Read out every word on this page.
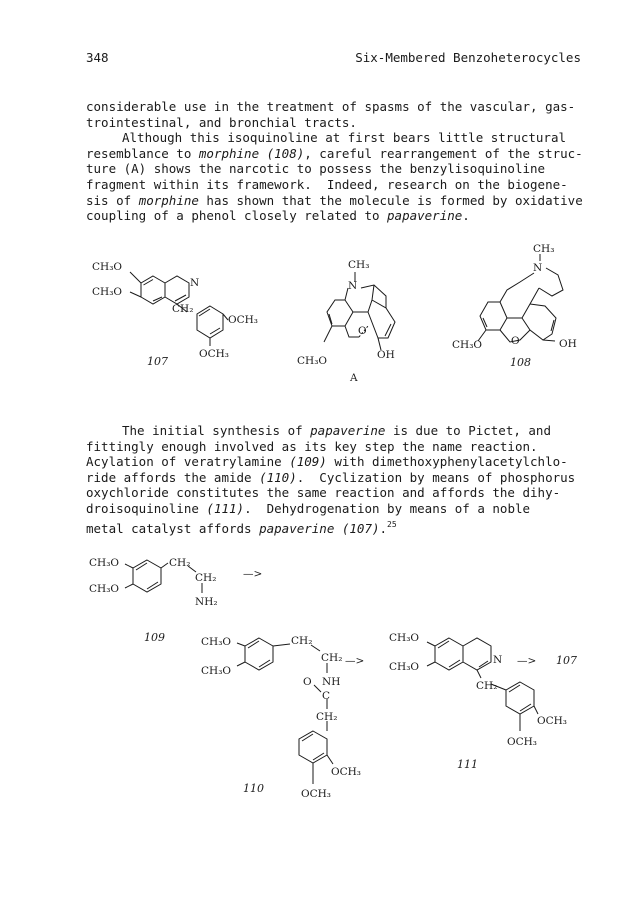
348	Six-Membered Benzoheterocycles

considerable use in the treatment of spasms of the vascular, gas-
trointestinal, and bronchial tracts.
Although this isoquinoline at first bears little structural
resemblance to morphine (108), careful rearrangement of the struc-
ture (A) shows the narcotic to possess the benzylisoquinoline
fragment within its framework.  Indeed, research on the biogene-
sis of morphine has shown that the molecule is formed by oxidative
coupling of a phenol closely related to papaverine.

CH₃O
CH₃O
N
CH₂
OCH₃
OCH₃
107
CH₃
N
CH₃O
O
OH
A
CH₃
N
CH₃O	O	OH
108

The initial synthesis of papaverine is due to Pictet, and
fittingly enough involved as its key step the name reaction.
Acylation of veratrylamine (109) with dimethoxyphenylacetylchlo-
ride affords the amide (110).  Cyclization by means of phosphorus
oxychloride constitutes the same reaction and affords the dihy-
droisoquinoline (111).  Dehydrogenation by means of a noble
metal catalyst affords papaverine (107).$^{25}$

CH₃O
CH₃O
CH₂
CH₂
NH₂
—>
109	CH₃O
CH₃O
CH₂
CH₂
NH
O
C
CH₂
OCH₃
OCH₃
—>
110
CH₃O
CH₃O
N
CH₂
OCH₃
OCH₃
—> 107
111
